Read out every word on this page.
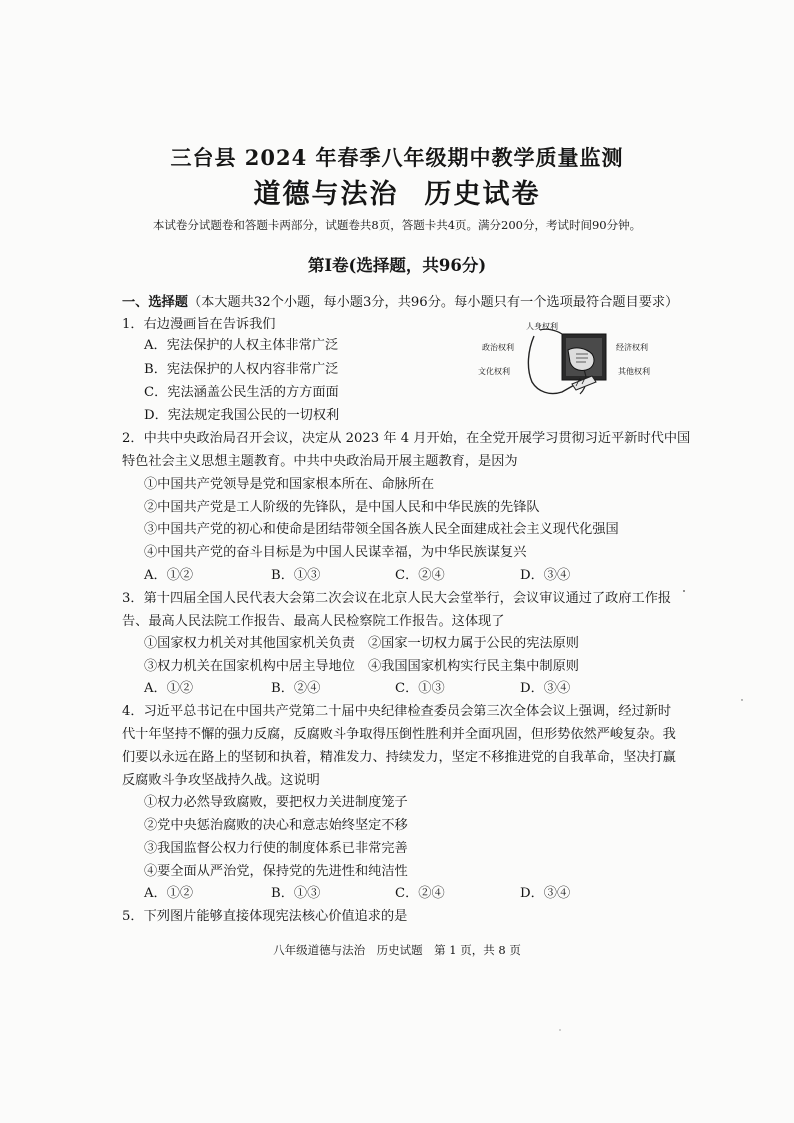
三台县 2024 年春季八年级期中教学质量监测
道德与法治 历史试卷
本试卷分试题卷和答题卡两部分，试题卷共8页，答题卡共4页。满分200分，考试时间90分钟。
第Ⅰ卷(选择题，共96分)
一、选择题（本大题共32个小题，每小题3分，共96分。每小题只有一个选项最符合题目要求）
1．右边漫画旨在告诉我们
A．宪法保护的人权主体非常广泛
B．宪法保护的人权内容非常广泛
C．宪法涵盖公民生活的方方面面
D．宪法规定我国公民的一切权利
人身权利
政治权利	经济权利
文化权利	其他权利
2．中共中央政治局召开会议，决定从 2023 年 4 月开始，在全党开展学习贯彻习近平新时代中国
特色社会主义思想主题教育。中共中央政治局开展主题教育，是因为
①中国共产党领导是党和国家根本所在、命脉所在
②中国共产党是工人阶级的先锋队，是中国人民和中华民族的先锋队
③中国共产党的初心和使命是团结带领全国各族人民全面建成社会主义现代化强国
④中国共产党的奋斗目标是为中国人民谋幸福，为中华民族谋复兴
A．①②	B．①③	C．②④	D．③④
3．第十四届全国人民代表大会第二次会议在北京人民大会堂举行，会议审议通过了政府工作报
告、最高人民法院工作报告、最高人民检察院工作报告。这体现了
①国家权力机关对其他国家机关负责 ②国家一切权力属于公民的宪法原则
③权力机关在国家机构中居主导地位 ④我国国家机构实行民主集中制原则
A．①②	B．②④	C．①③	D．③④
4．习近平总书记在中国共产党第二十届中央纪律检查委员会第三次全体会议上强调，经过新时
代十年坚持不懈的强力反腐，反腐败斗争取得压倒性胜利并全面巩固，但形势依然严峻复杂。我
们要以永远在路上的坚韧和执着，精准发力、持续发力，坚定不移推进党的自我革命，坚决打赢
反腐败斗争攻坚战持久战。这说明
①权力必然导致腐败，要把权力关进制度笼子
②党中央惩治腐败的决心和意志始终坚定不移
③我国监督公权力行使的制度体系已非常完善
④要全面从严治党，保持党的先进性和纯洁性
A．①②	B．①③	C．②④	D．③④
5．下列图片能够直接体现宪法核心价值追求的是
八年级道德与法治　历史试题　第 1 页，共 8 页
